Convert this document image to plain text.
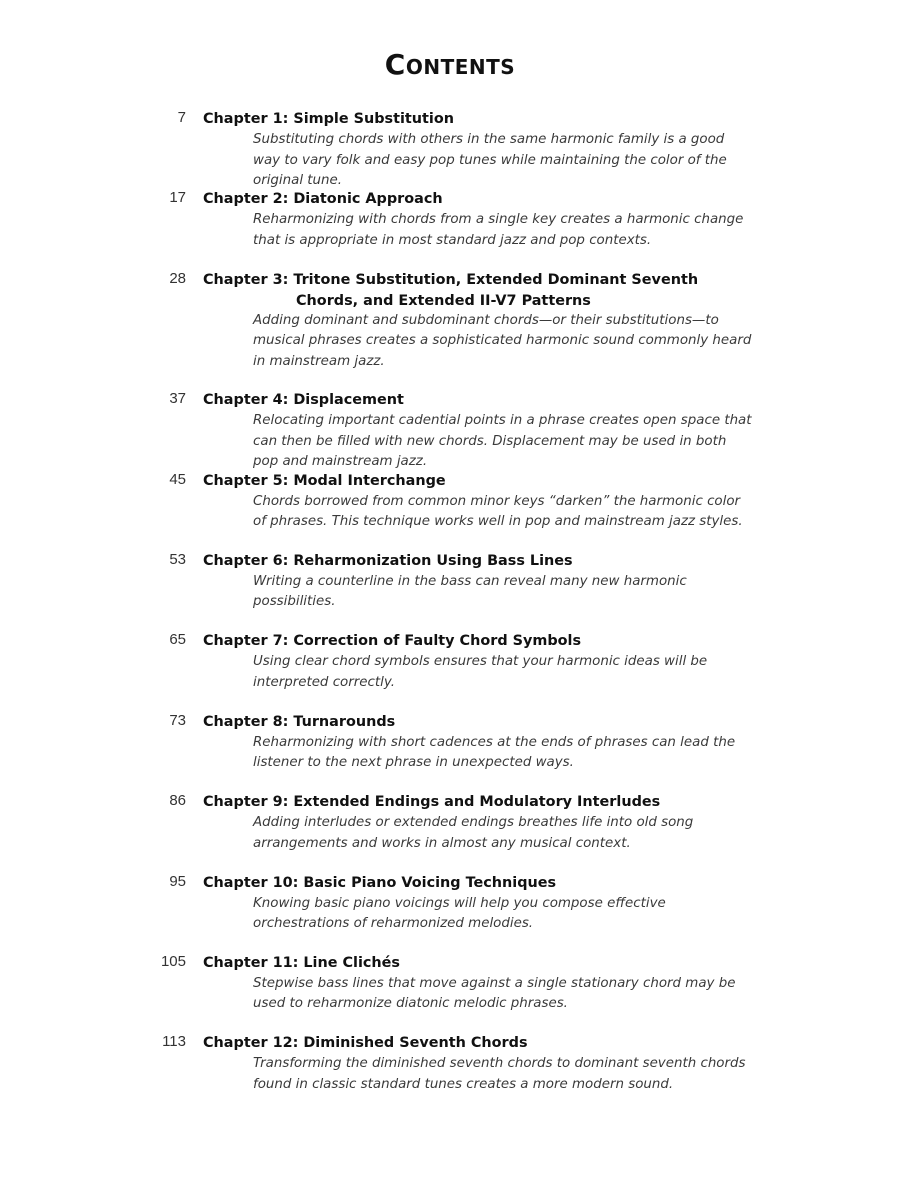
Contents
7 Chapter 1: Simple Substitution
Substituting chords with others in the same harmonic family is a good way to vary folk and easy pop tunes while maintaining the color of the original tune.
17 Chapter 2: Diatonic Approach
Reharmonizing with chords from a single key creates a harmonic change that is appropriate in most standard jazz and pop contexts.
28 Chapter 3: Tritone Substitution, Extended Dominant Seventh
Chords, and Extended II-V7 Patterns
Adding dominant and subdominant chords—or their substitutions—to musical phrases creates a sophisticated harmonic sound commonly heard in mainstream jazz.
37 Chapter 4: Displacement
Relocating important cadential points in a phrase creates open space that can then be filled with new chords. Displacement may be used in both pop and mainstream jazz.
45 Chapter 5: Modal Interchange
Chords borrowed from common minor keys “darken” the harmonic color of phrases. This technique works well in pop and mainstream jazz styles.
53 Chapter 6: Reharmonization Using Bass Lines
Writing a counterline in the bass can reveal many new harmonic possibilities.
65 Chapter 7: Correction of Faulty Chord Symbols
Using clear chord symbols ensures that your harmonic ideas will be interpreted correctly.
73 Chapter 8: Turnarounds
Reharmonizing with short cadences at the ends of phrases can lead the listener to the next phrase in unexpected ways.
86 Chapter 9: Extended Endings and Modulatory Interludes
Adding interludes or extended endings breathes life into old song arrangements and works in almost any musical context.
95 Chapter 10: Basic Piano Voicing Techniques
Knowing basic piano voicings will help you compose effective orchestrations of reharmonized melodies.
105 Chapter 11: Line Clichés
Stepwise bass lines that move against a single stationary chord may be used to reharmonize diatonic melodic phrases.
113 Chapter 12: Diminished Seventh Chords
Transforming the diminished seventh chords to dominant seventh chords found in classic standard tunes creates a more modern sound.
